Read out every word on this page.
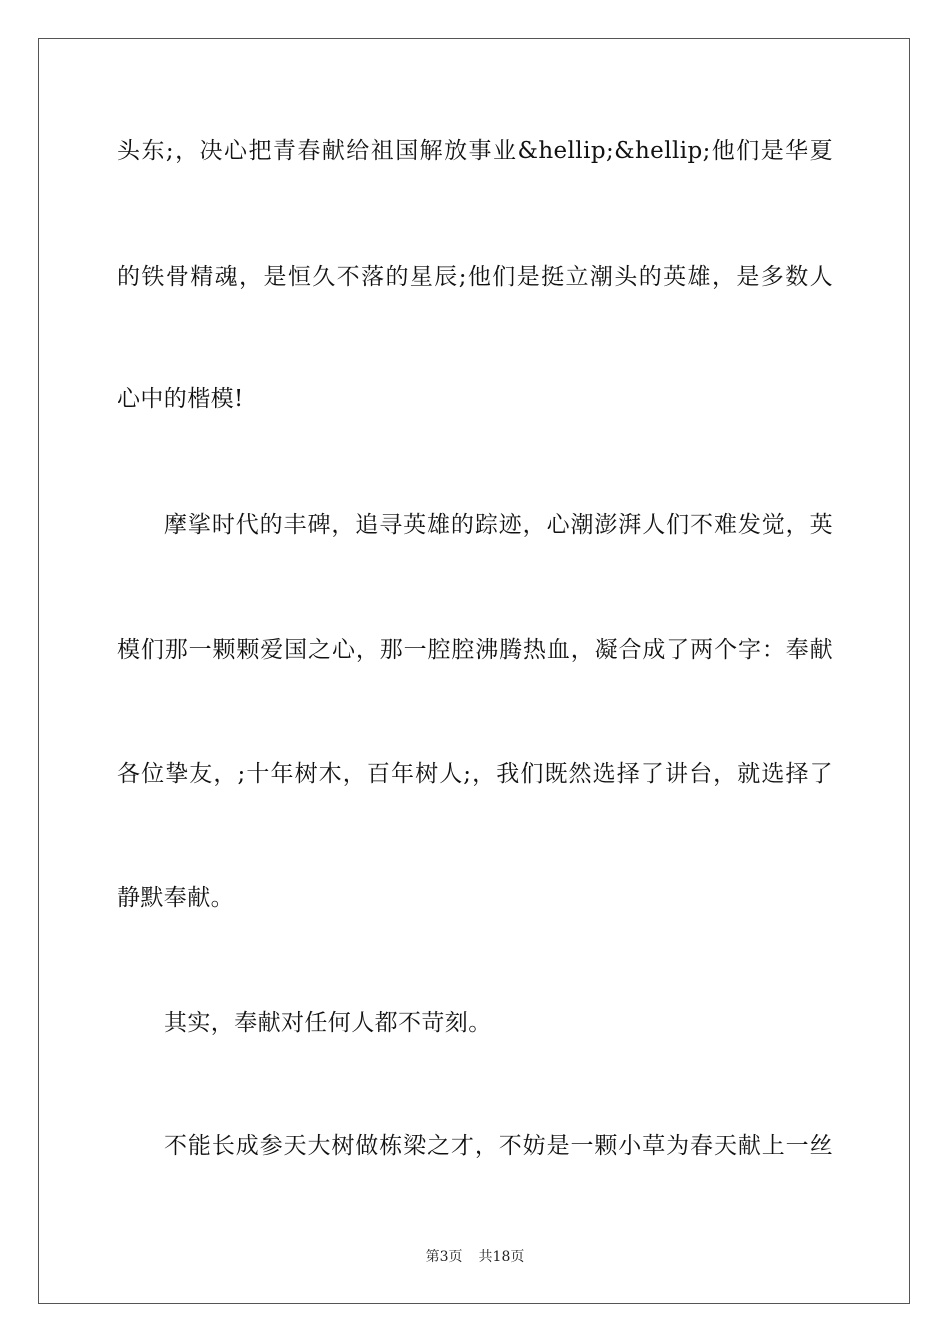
头东;，决心把青春献给祖国解放事业&hellip;&hellip;他们是华夏
的铁骨精魂，是恒久不落的星辰;他们是挺立潮头的英雄，是多数人
心中的楷模!
摩挲时代的丰碑，追寻英雄的踪迹，心潮澎湃人们不难发觉，英
模们那一颗颗爱国之心，那一腔腔沸腾热血，凝合成了两个字：奉献
各位挚友，;十年树木，百年树人;，我们既然选择了讲台，就选择了
静默奉献。
其实，奉献对任何人都不苛刻。
不能长成参天大树做栋梁之才，不妨是一颗小草为春天献上一丝
第3页 共18页
